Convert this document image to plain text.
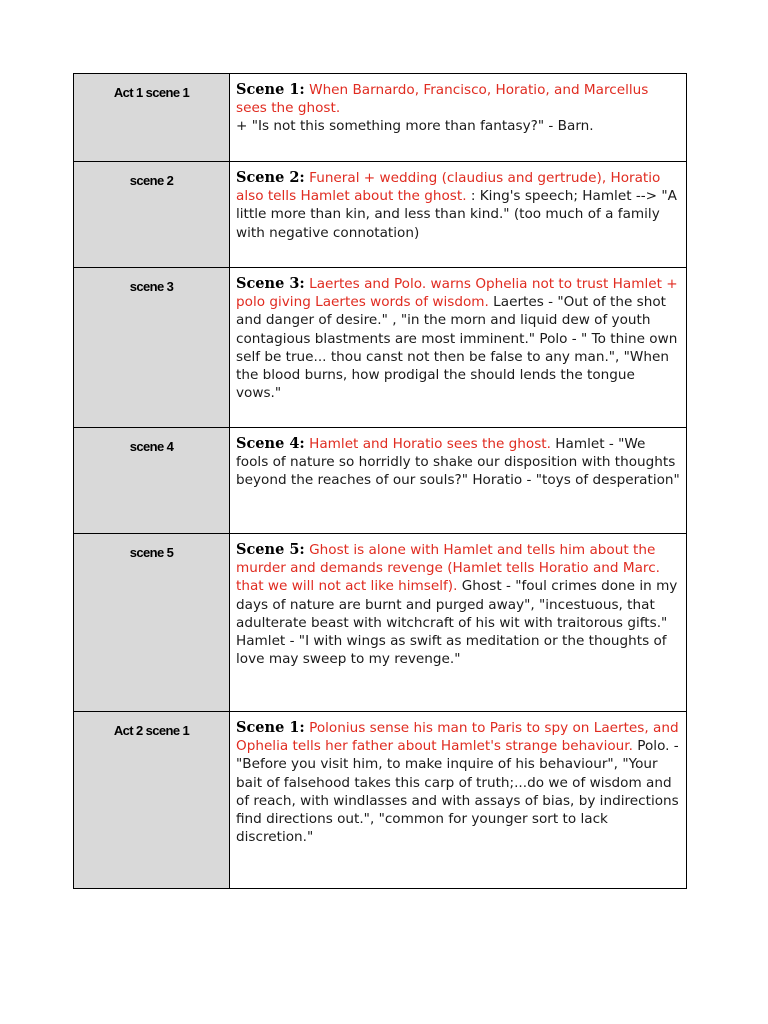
Act 1 scene 1	Scene 1: When Barnardo, Francisco, Horatio, and Marcellus sees the ghost.
+ "Is not this something more than fantasy?" - Barn.

scene 2	Scene 2: Funeral + wedding (claudius and gertrude), Horatio also tells Hamlet about the ghost. : King's speech; Hamlet --> "A little more than kin, and less than kind." (too much of a family with negative connotation)

scene 3	Scene 3: Laertes and Polo. warns Ophelia not to trust Hamlet + polo giving Laertes words of wisdom. Laertes - "Out of the shot and danger of desire." , "in the morn and liquid dew of youth contagious blastments are most imminent." Polo - " To thine own self be true... thou canst not then be false to any man.", "When the blood burns, how prodigal the should lends the tongue vows."

scene 4	Scene 4: Hamlet and Horatio sees the ghost. Hamlet - "We fools of nature so horridly to shake our disposition with thoughts beyond the reaches of our souls?" Horatio - "toys of desperation"

scene 5	Scene 5: Ghost is alone with Hamlet and tells him about the murder and demands revenge (Hamlet tells Horatio and Marc. that we will not act like himself). Ghost - "foul crimes done in my days of nature are burnt and purged away", "incestuous, that adulterate beast with witchcraft of his wit with traitorous gifts." Hamlet - "I with wings as swift as meditation or the thoughts of love may sweep to my revenge."

Act 2 scene 1	Scene 1: Polonius sense his man to Paris to spy on Laertes, and Ophelia tells her father about Hamlet's strange behaviour. Polo. - "Before you visit him, to make inquire of his behaviour", "Your bait of falsehood takes this carp of truth;...do we of wisdom and of reach, with windlasses and with assays of bias, by indirections find directions out.", "common for younger sort to lack discretion."
